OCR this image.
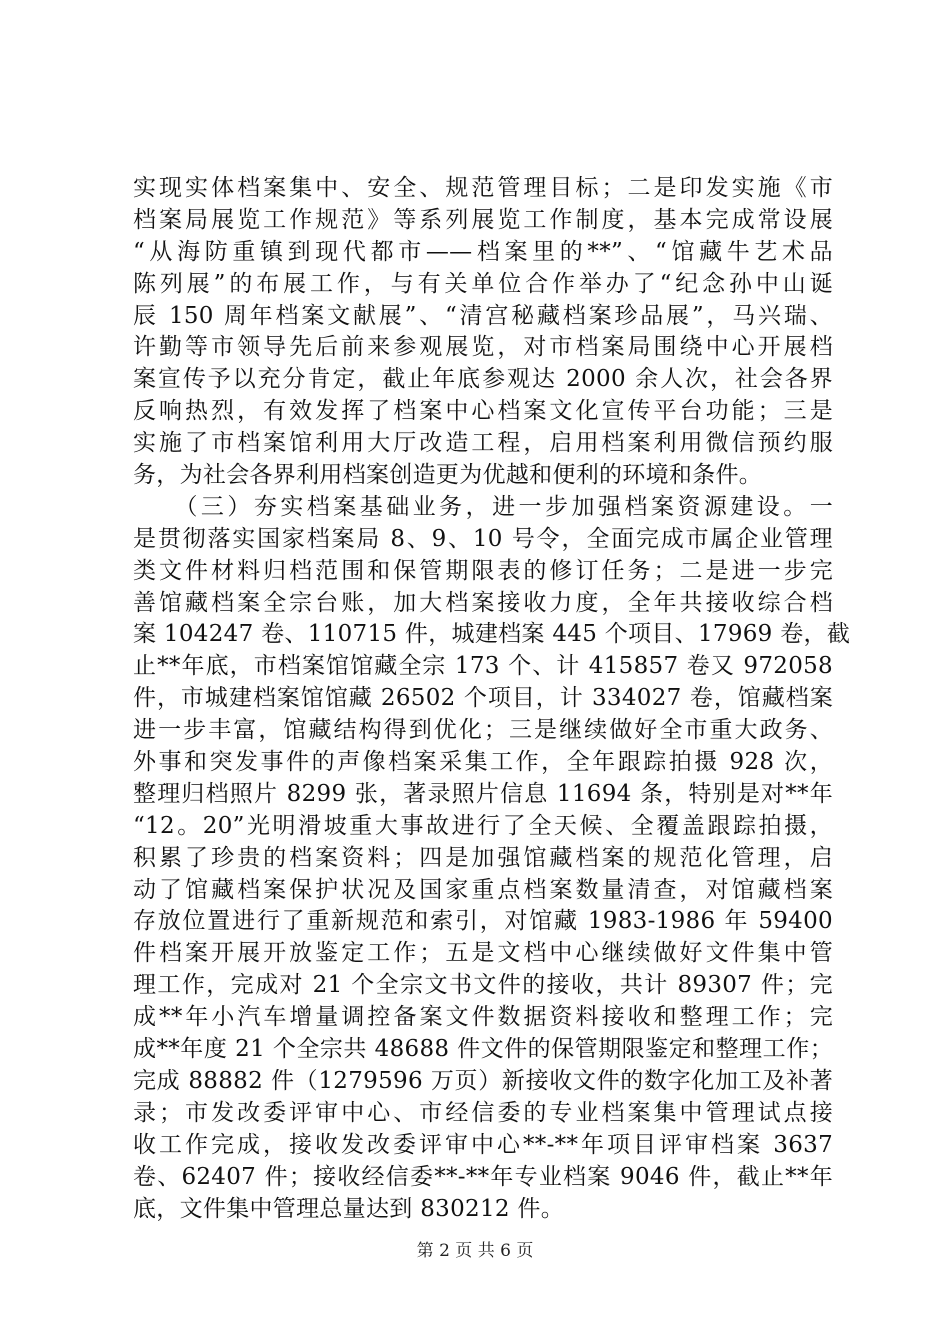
实现实体档案集中、安全、规范管理目标；二是印发实施《市
档案局展览工作规范》等系列展览工作制度，基本完成常设展
“从海防重镇到现代都市——档案里的**”、“馆藏牛艺术品
陈列展”的布展工作，与有关单位合作举办了“纪念孙中山诞
辰 150 周年档案文献展”、“清宫秘藏档案珍品展”，马兴瑞、
许勤等市领导先后前来参观展览，对市档案局围绕中心开展档
案宣传予以充分肯定，截止年底参观达 2000 余人次，社会各界
反响热烈，有效发挥了档案中心档案文化宣传平台功能；三是
实施了市档案馆利用大厅改造工程，启用档案利用微信预约服
务，为社会各界利用档案创造更为优越和便利的环境和条件。
　　（三）夯实档案基础业务，进一步加强档案资源建设。一
是贯彻落实国家档案局 8、9、10 号令，全面完成市属企业管理
类文件材料归档范围和保管期限表的修订任务；二是进一步完
善馆藏档案全宗台账，加大档案接收力度，全年共接收综合档
案 104247 卷、110715 件，城建档案 445 个项目、17969 卷，截
止**年底，市档案馆馆藏全宗 173 个、计 415857 卷又 972058
件，市城建档案馆馆藏 26502 个项目，计 334027 卷，馆藏档案
进一步丰富，馆藏结构得到优化；三是继续做好全市重大政务、
外事和突发事件的声像档案采集工作，全年跟踪拍摄 928 次，
整理归档照片 8299 张，著录照片信息 11694 条，特别是对**年
“12。20”光明滑坡重大事故进行了全天候、全覆盖跟踪拍摄，
积累了珍贵的档案资料；四是加强馆藏档案的规范化管理，启
动了馆藏档案保护状况及国家重点档案数量清查，对馆藏档案
存放位置进行了重新规范和索引，对馆藏 1983-1986 年 59400
件档案开展开放鉴定工作；五是文档中心继续做好文件集中管
理工作，完成对 21 个全宗文书文件的接收，共计 89307 件；完
成**年小汽车增量调控备案文件数据资料接收和整理工作；完
成**年度 21 个全宗共 48688 件文件的保管期限鉴定和整理工作；
完成 88882 件（1279596 万页）新接收文件的数字化加工及补著
录；市发改委评审中心、市经信委的专业档案集中管理试点接
收工作完成，接收发改委评审中心**-**年项目评审档案 3637
卷、62407 件；接收经信委**-**年专业档案 9046 件，截止**年
底，文件集中管理总量达到 830212 件。
第 2 页 共 6 页
